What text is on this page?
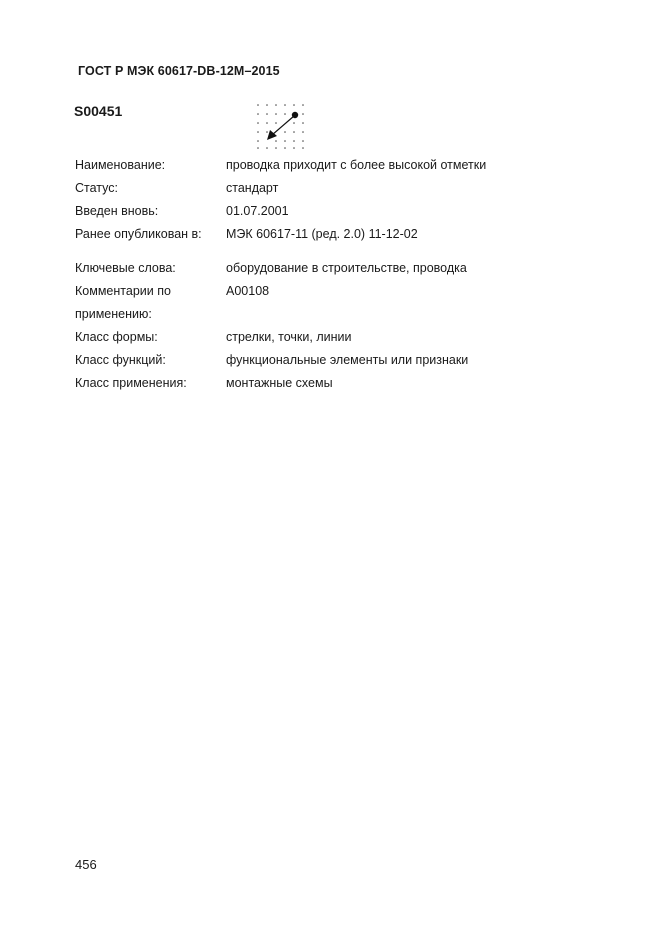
ГОСТ Р МЭК 60617-DB-12M–2015
S00451
Наименование:	проводка приходит с более высокой отметки
Статус:	стандарт
Введен вновь:	01.07.2001
Ранее опубликован в:	МЭК 60617-11 (ред. 2.0) 11-12-02
Ключевые слова:	оборудование в строительстве, проводка
Комментарии по	A00108
применению:
Класс формы:	стрелки, точки, линии
Класс функций:	функциональные элементы или признаки
Класс применения:	монтажные схемы
456
